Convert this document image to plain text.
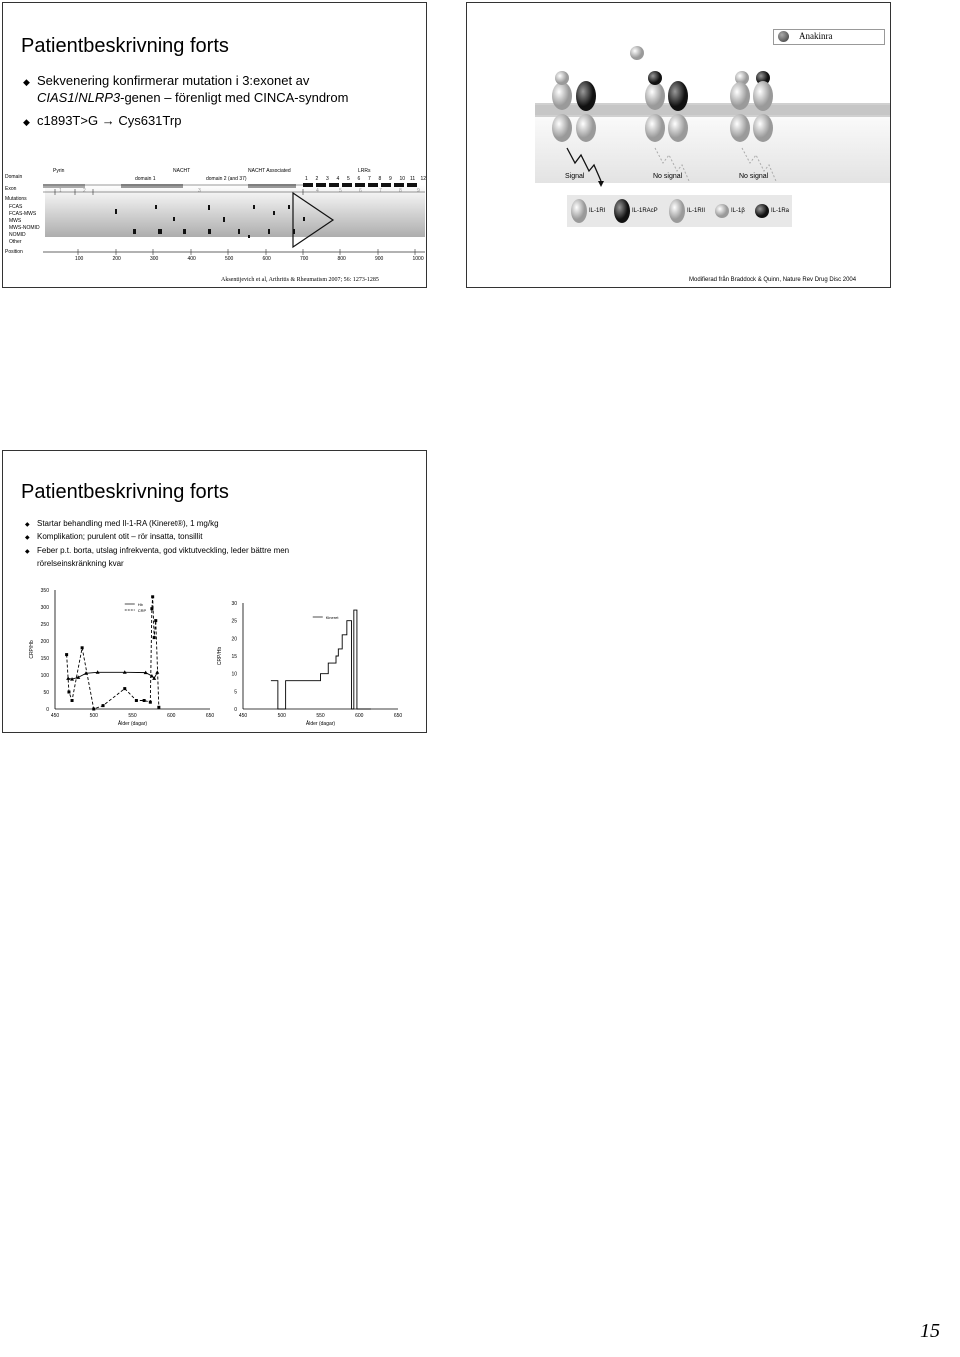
Patientbeskrivning forts
◆ Sekvenering konfirmerar mutation i 3:exonet av
CIAS1/NLRP3-genen – förenligt med CINCA-syndrom
◆ c1893T>G → Cys631Trp
Domain
Pyrin	NACHT	NACHT Associated	LRRs
domain 1	domain 2 (and 37)
Exon
Mutations
Position
FCAS
FCAS-MWS
MWS
MWS-NOMID
NOMID
Other
1 2 3 4 5 6 7 8 9 10 11 12
100	200	300	400	500	600	700	800	900	1000
Aksentijevich et al, Arthritis & Rheumatism 2007; 56: 1273-1285
Anakinra
Signal	No signal	No signal
IL-1RI	IL-1RAcP	IL-1RII	IL-1β	IL-1Ra
Modifierad från Braddock & Quinn, Nature Rev Drug Disc 2004
Patientbeskrivning forts
◆ Startar behandling med Il-1-RA (Kineret®), 1 mg/kg
◆ Komplikation; purulent otit – rör insatta, tonsillit
◆ Feber p.t. borta, utslag infrekventa, god viktutveckling, leder bättre men
rörelseinskränkning kvar
0
50
100
150
200
250
300
350
450	500	550	600	650
Ålder (dagar)
CRP/Hb
Hb
CRP
0
5
10
15
20
25
30
450	500	550	600	650
Ålder (dagar)
CRP/Hb
Kineret
15
